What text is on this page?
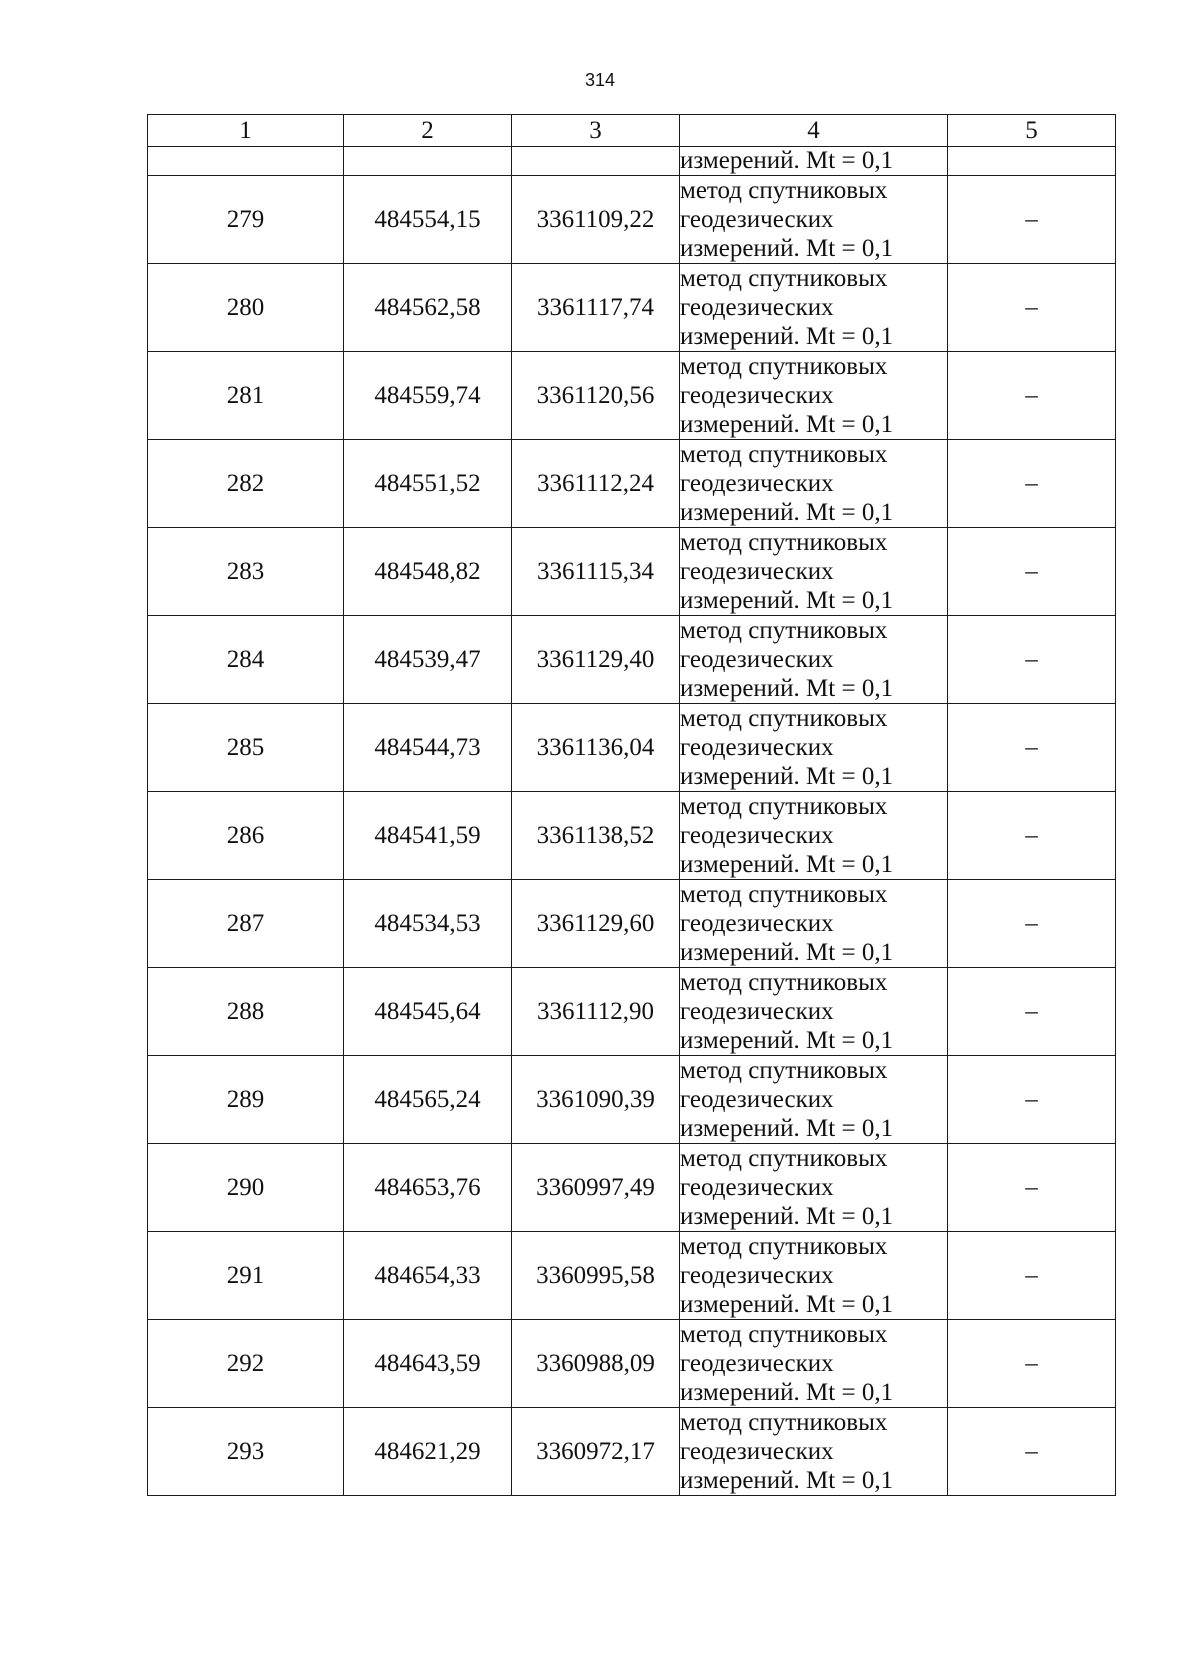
314
1	2	3	4	5
			измерений. Mt = 0,1	
279	484554,15	3361109,22	метод спутниковых
геодезических
измерений. Mt = 0,1	–
280	484562,58	3361117,74	метод спутниковых
геодезических
измерений. Mt = 0,1	–
281	484559,74	3361120,56	метод спутниковых
геодезических
измерений. Mt = 0,1	–
282	484551,52	3361112,24	метод спутниковых
геодезических
измерений. Mt = 0,1	–
283	484548,82	3361115,34	метод спутниковых
геодезических
измерений. Mt = 0,1	–
284	484539,47	3361129,40	метод спутниковых
геодезических
измерений. Mt = 0,1	–
285	484544,73	3361136,04	метод спутниковых
геодезических
измерений. Mt = 0,1	–
286	484541,59	3361138,52	метод спутниковых
геодезических
измерений. Mt = 0,1	–
287	484534,53	3361129,60	метод спутниковых
геодезических
измерений. Mt = 0,1	–
288	484545,64	3361112,90	метод спутниковых
геодезических
измерений. Mt = 0,1	–
289	484565,24	3361090,39	метод спутниковых
геодезических
измерений. Mt = 0,1	–
290	484653,76	3360997,49	метод спутниковых
геодезических
измерений. Mt = 0,1	–
291	484654,33	3360995,58	метод спутниковых
геодезических
измерений. Mt = 0,1	–
292	484643,59	3360988,09	метод спутниковых
геодезических
измерений. Mt = 0,1	–
293	484621,29	3360972,17	метод спутниковых
геодезических
измерений. Mt = 0,1	–
